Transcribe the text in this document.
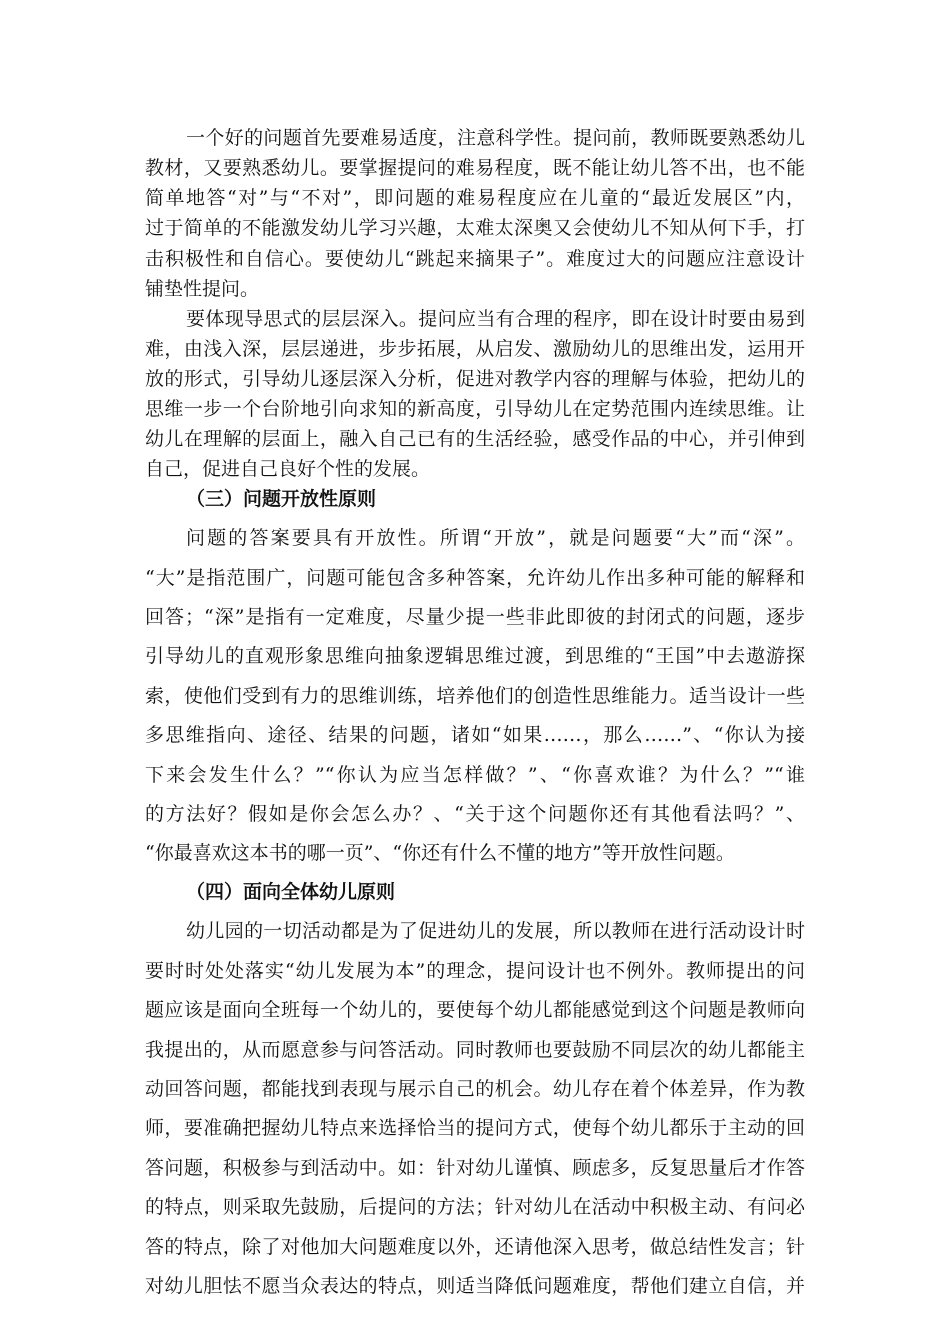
一个好的问题首先要难易适度，注意科学性。提问前，教师既要熟悉幼儿
教材，又要熟悉幼儿。要掌握提问的难易程度，既不能让幼儿答不出，也不能
简单地答“对”与“不对”，即问题的难易程度应在儿童的“最近发展区”内，
过于简单的不能激发幼儿学习兴趣，太难太深奥又会使幼儿不知从何下手，打
击积极性和自信心。要使幼儿“跳起来摘果子”。难度过大的问题应注意设计
铺垫性提问。
要体现导思式的层层深入。提问应当有合理的程序，即在设计时要由易到
难，由浅入深，层层递进，步步拓展，从启发、激励幼儿的思维出发，运用开
放的形式，引导幼儿逐层深入分析，促进对教学内容的理解与体验，把幼儿的
思维一步一个台阶地引向求知的新高度，引导幼儿在定势范围内连续思维。让
幼儿在理解的层面上，融入自己已有的生活经验，感受作品的中心，并引伸到
自己，促进自己良好个性的发展。
（三）问题开放性原则
问题的答案要具有开放性。所谓“开放”，就是问题要“大”而“深”。
“大”是指范围广，问题可能包含多种答案，允许幼儿作出多种可能的解释和
回答；“深”是指有一定难度，尽量少提一些非此即彼的封闭式的问题，逐步
引导幼儿的直观形象思维向抽象逻辑思维过渡，到思维的“王国”中去遨游探
索，使他们受到有力的思维训练，培养他们的创造性思维能力。适当设计一些
多思维指向、途径、结果的问题，诸如“如果……，那么……”、“你认为接
下来会发生什么？”“你认为应当怎样做？”、“你喜欢谁？为什么？”“谁
的方法好？假如是你会怎么办？、“关于这个问题你还有其他看法吗？”、
“你最喜欢这本书的哪一页”、“你还有什么不懂的地方”等开放性问题。
（四）面向全体幼儿原则
幼儿园的一切活动都是为了促进幼儿的发展，所以教师在进行活动设计时
要时时处处落实“幼儿发展为本”的理念，提问设计也不例外。教师提出的问
题应该是面向全班每一个幼儿的，要使每个幼儿都能感觉到这个问题是教师向
我提出的，从而愿意参与问答活动。同时教师也要鼓励不同层次的幼儿都能主
动回答问题，都能找到表现与展示自己的机会。幼儿存在着个体差异，作为教
师，要准确把握幼儿特点来选择恰当的提问方式，使每个幼儿都乐于主动的回
答问题，积极参与到活动中。如：针对幼儿谨慎、顾虑多，反复思量后才作答
的特点，则采取先鼓励，后提问的方法；针对幼儿在活动中积极主动、有问必
答的特点，除了对他加大问题难度以外，还请他深入思考，做总结性发言；针
对幼儿胆怯不愿当众表达的特点，则适当降低问题难度，帮他们建立自信，并
